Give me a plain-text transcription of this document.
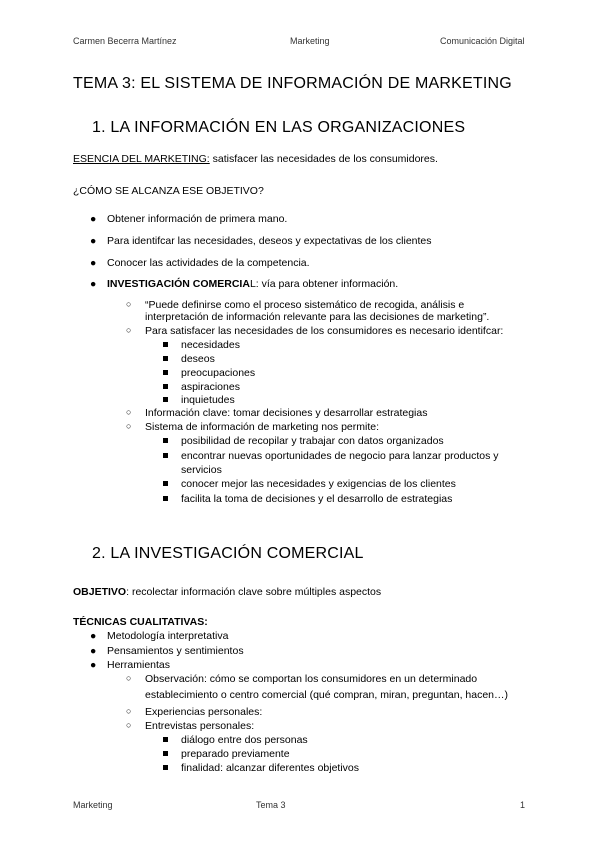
Carmen Becerra Martínez	Marketing	Comunicación Digital
TEMA 3: EL SISTEMA DE INFORMACIÓN DE MARKETING
1. LA INFORMACIÓN EN LAS ORGANIZACIONES
ESENCIA DEL MARKETING: satisfacer las necesidades de los consumidores.
¿CÓMO SE ALCANZA ESE OBJETIVO?
● Obtener información de primera mano.
● Para identifcar las necesidades, deseos y expectativas de los clientes
● Conocer las actividades de la competencia.
● INVESTIGACIÓN COMERCIAL: vía para obtener información.
○ “Puede definirse como el proceso sistemático de recogida, análisis e
interpretación de información relevante para las decisiones de marketing”.
○ Para satisfacer las necesidades de los consumidores es necesario identifcar:
necesidades
deseos
preocupaciones
aspiraciones
inquietudes
○ Información clave: tomar decisiones y desarrollar estrategias
○ Sistema de información de marketing nos permite:
posibilidad de recopilar y trabajar con datos organizados
encontrar nuevas oportunidades de negocio para lanzar productos y
servicios
conocer mejor las necesidades y exigencias de los clientes
facilita la toma de decisiones y el desarrollo de estrategias
2. LA INVESTIGACIÓN COMERCIAL
OBJETIVO: recolectar información clave sobre múltiples aspectos
TÉCNICAS CUALITATIVAS:
● Metodología interpretativa
● Pensamientos y sentimientos
● Herramientas
○ Observación: cómo se comportan los consumidores en un determinado
establecimiento o centro comercial (qué compran, miran, preguntan, hacen…)
○ Experiencias personales:
○ Entrevistas personales:
diálogo entre dos personas
preparado previamente
finalidad: alcanzar diferentes objetivos
Marketing	Tema 3	1
